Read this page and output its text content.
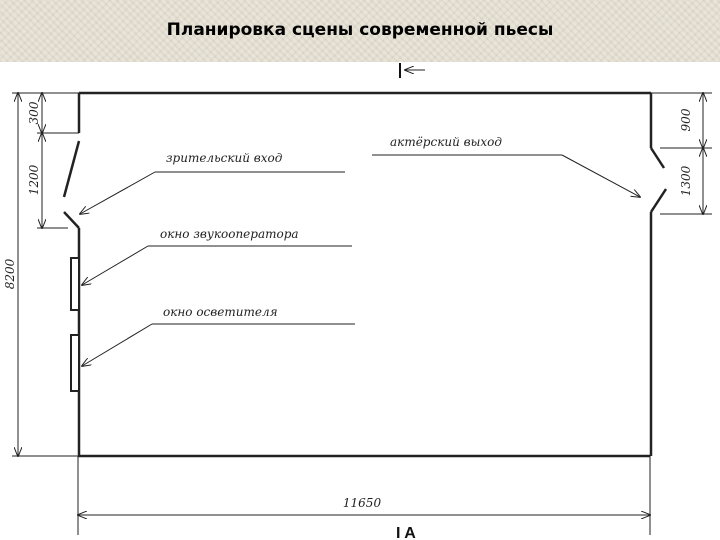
Планировка сцены современной пьесы
зрительский вход
актёрский выход
окно звукооператора
окно осветителя
8200
300
1200
900
1300
11650
I A
